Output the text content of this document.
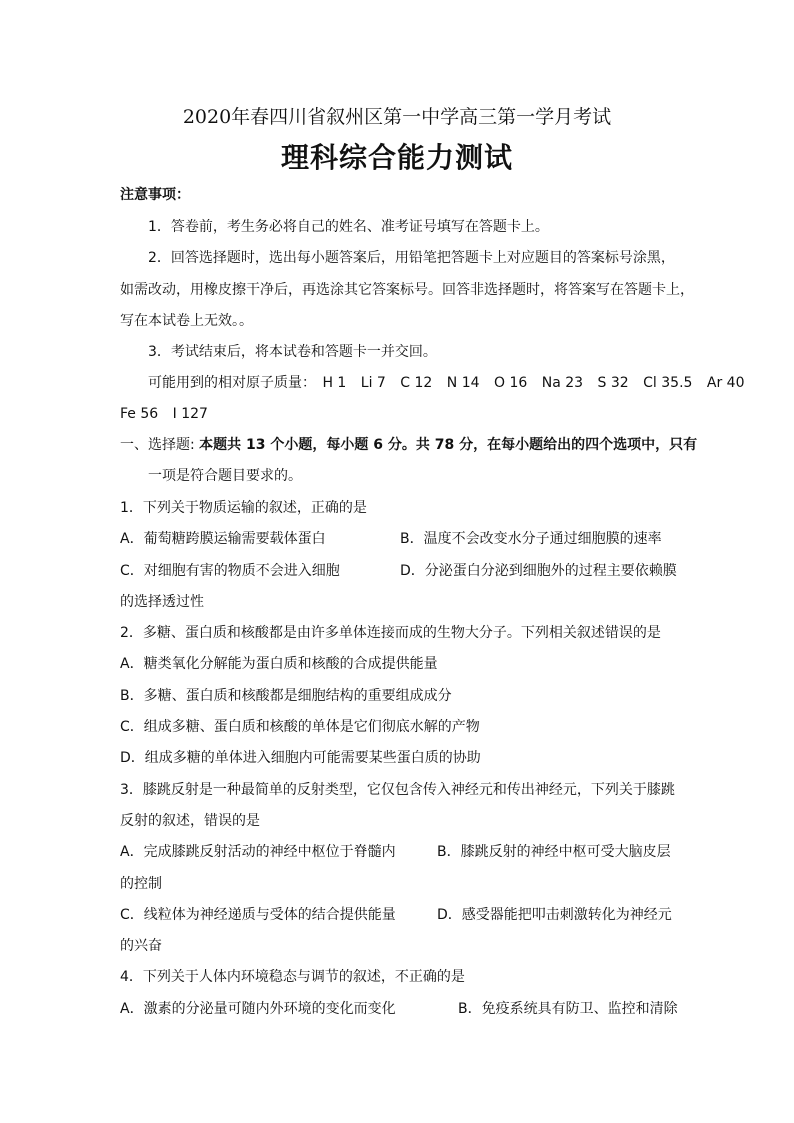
2020年春四川省叙州区第一中学高三第一学月考试
理科综合能力测试
注意事项：
1．答卷前，考生务必将自己的姓名、准考证号填写在答题卡上。
2．回答选择题时，选出每小题答案后，用铅笔把答题卡上对应题目的答案标号涂黑，
如需改动，用橡皮擦干净后，再选涂其它答案标号。回答非选择题时，将答案写在答题卡上，
写在本试卷上无效。。
3．考试结束后，将本试卷和答题卡一并交回。
可能用到的相对原子质量： H 1 Li 7 C 12 N 14 O 16 Na 23 S 32 Cl 35.5 Ar 40
Fe 56 I 127
一、选择题: 本题共 13 个小题，每小题 6 分。共 78 分，在每小题给出的四个选项中，只有
一项是符合题目要求的。
1．下列关于物质运输的叙述，正确的是
A．葡萄糖跨膜运输需要载体蛋白	B．温度不会改变水分子通过细胞膜的速率
C．对细胞有害的物质不会进入细胞	D．分泌蛋白分泌到细胞外的过程主要依赖膜
的选择透过性
2．多糖、蛋白质和核酸都是由许多单体连接而成的生物大分子。下列相关叙述错误的是
A．糖类氧化分解能为蛋白质和核酸的合成提供能量
B．多糖、蛋白质和核酸都是细胞结构的重要组成成分
C．组成多糖、蛋白质和核酸的单体是它们彻底水解的产物
D．组成多糖的单体进入细胞内可能需要某些蛋白质的协助
3．膝跳反射是一种最简单的反射类型，它仅包含传入神经元和传出神经元，下列关于膝跳
反射的叙述，错误的是
A．完成膝跳反射活动的神经中枢位于脊髓内	B．膝跳反射的神经中枢可受大脑皮层
的控制
C．线粒体为神经递质与受体的结合提供能量	D．感受器能把叩击刺激转化为神经元
的兴奋
4．下列关于人体内环境稳态与调节的叙述，不正确的是
A．激素的分泌量可随内外环境的变化而变化	B．免疫系统具有防卫、监控和清除
